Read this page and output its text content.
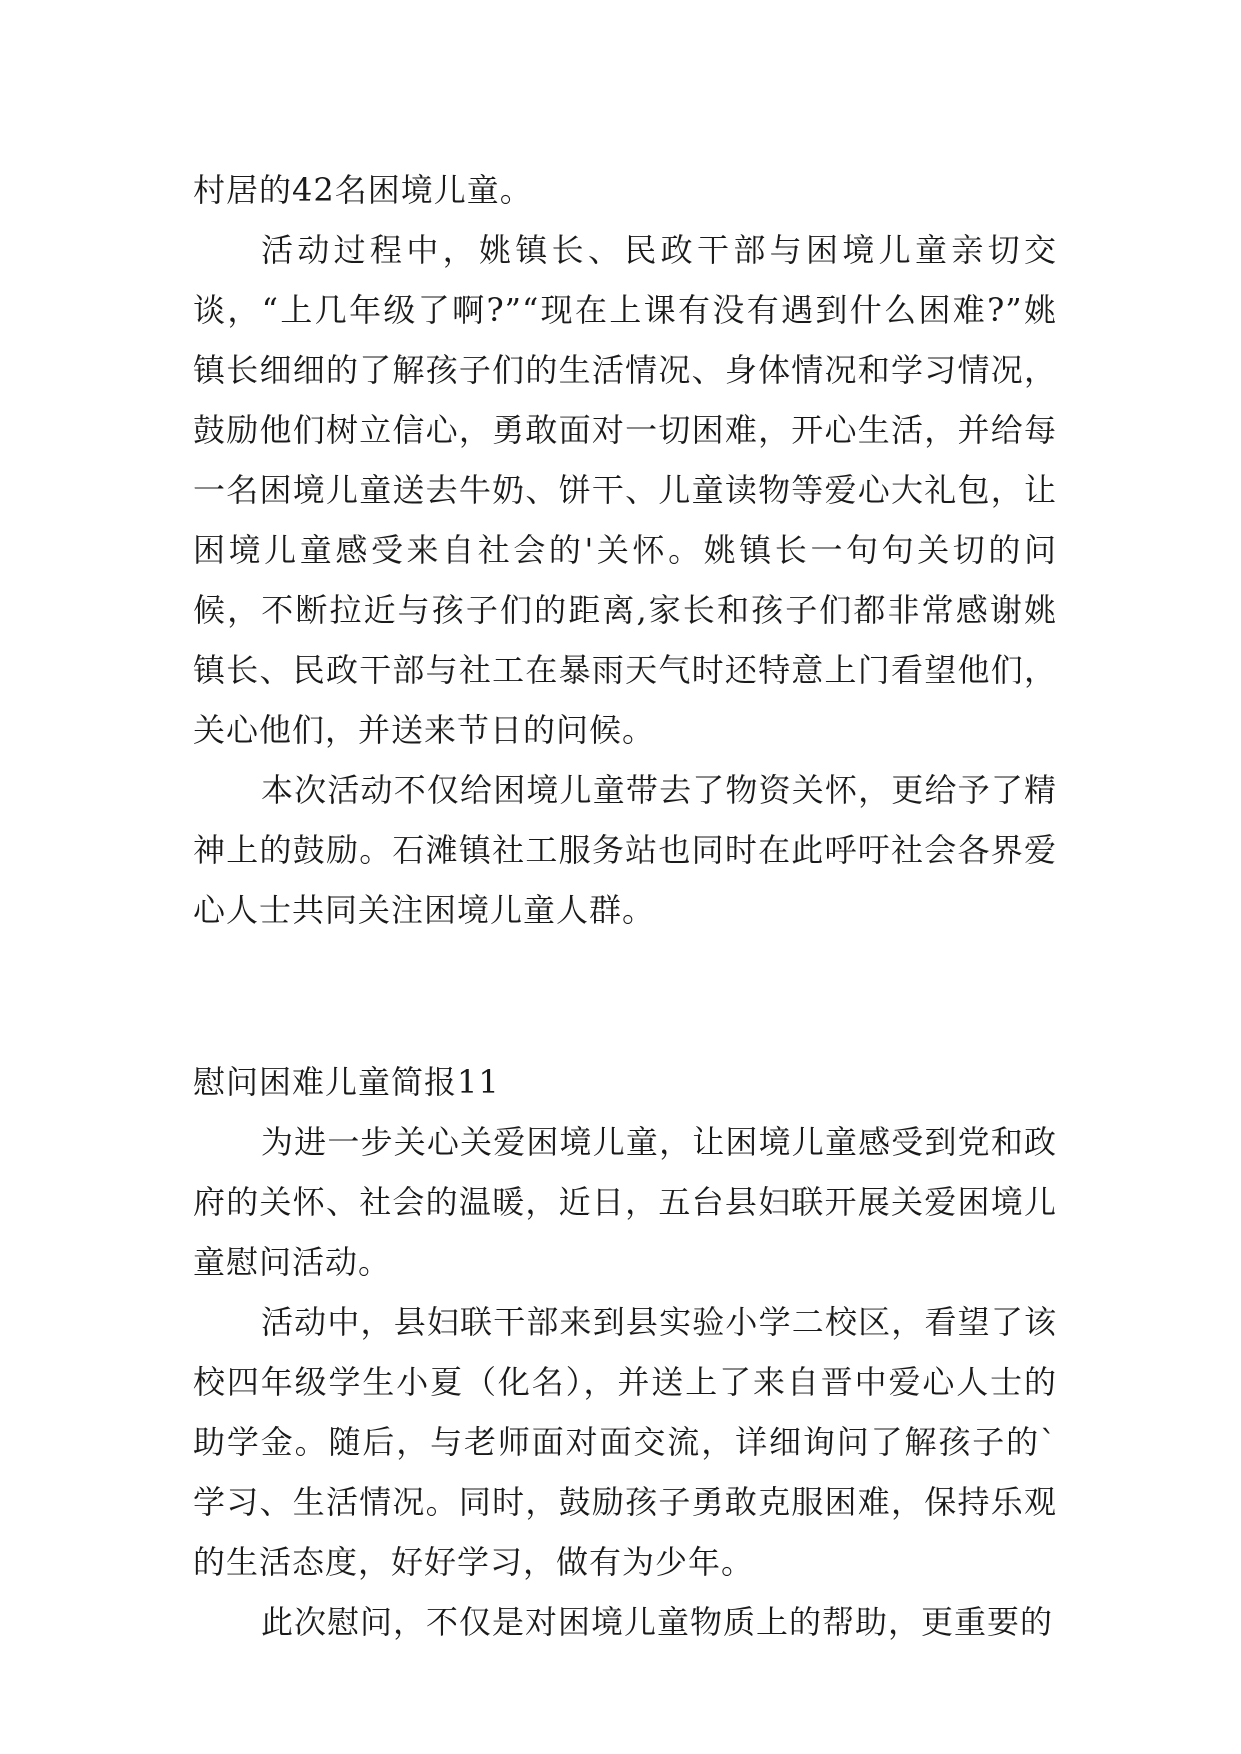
村居的42名困境儿童。

活动过程中，姚镇长、民政干部与困境儿童亲切交谈，“上几年级了啊?”“现在上课有没有遇到什么困难?”姚镇长细细的了解孩子们的生活情况、身体情况和学习情况，鼓励他们树立信心，勇敢面对一切困难，开心生活，并给每一名困境儿童送去牛奶、饼干、儿童读物等爱心大礼包，让困境儿童感受来自社会的'关怀。姚镇长一句句关切的问候，不断拉近与孩子们的距离,家长和孩子们都非常感谢姚镇长、民政干部与社工在暴雨天气时还特意上门看望他们，关心他们，并送来节日的问候。

本次活动不仅给困境儿童带去了物资关怀，更给予了精神上的鼓励。石滩镇社工服务站也同时在此呼吁社会各界爱心人士共同关注困境儿童人群。

慰问困难儿童简报11

为进一步关心关爱困境儿童，让困境儿童感受到党和政府的关怀、社会的温暖，近日，五台县妇联开展关爱困境儿童慰问活动。

活动中，县妇联干部来到县实验小学二校区，看望了该校四年级学生小夏（化名），并送上了来自晋中爱心人士的助学金。随后，与老师面对面交流，详细询问了解孩子的`学习、生活情况。同时，鼓励孩子勇敢克服困难，保持乐观的生活态度，好好学习，做有为少年。

此次慰问，不仅是对困境儿童物质上的帮助，更重要的
